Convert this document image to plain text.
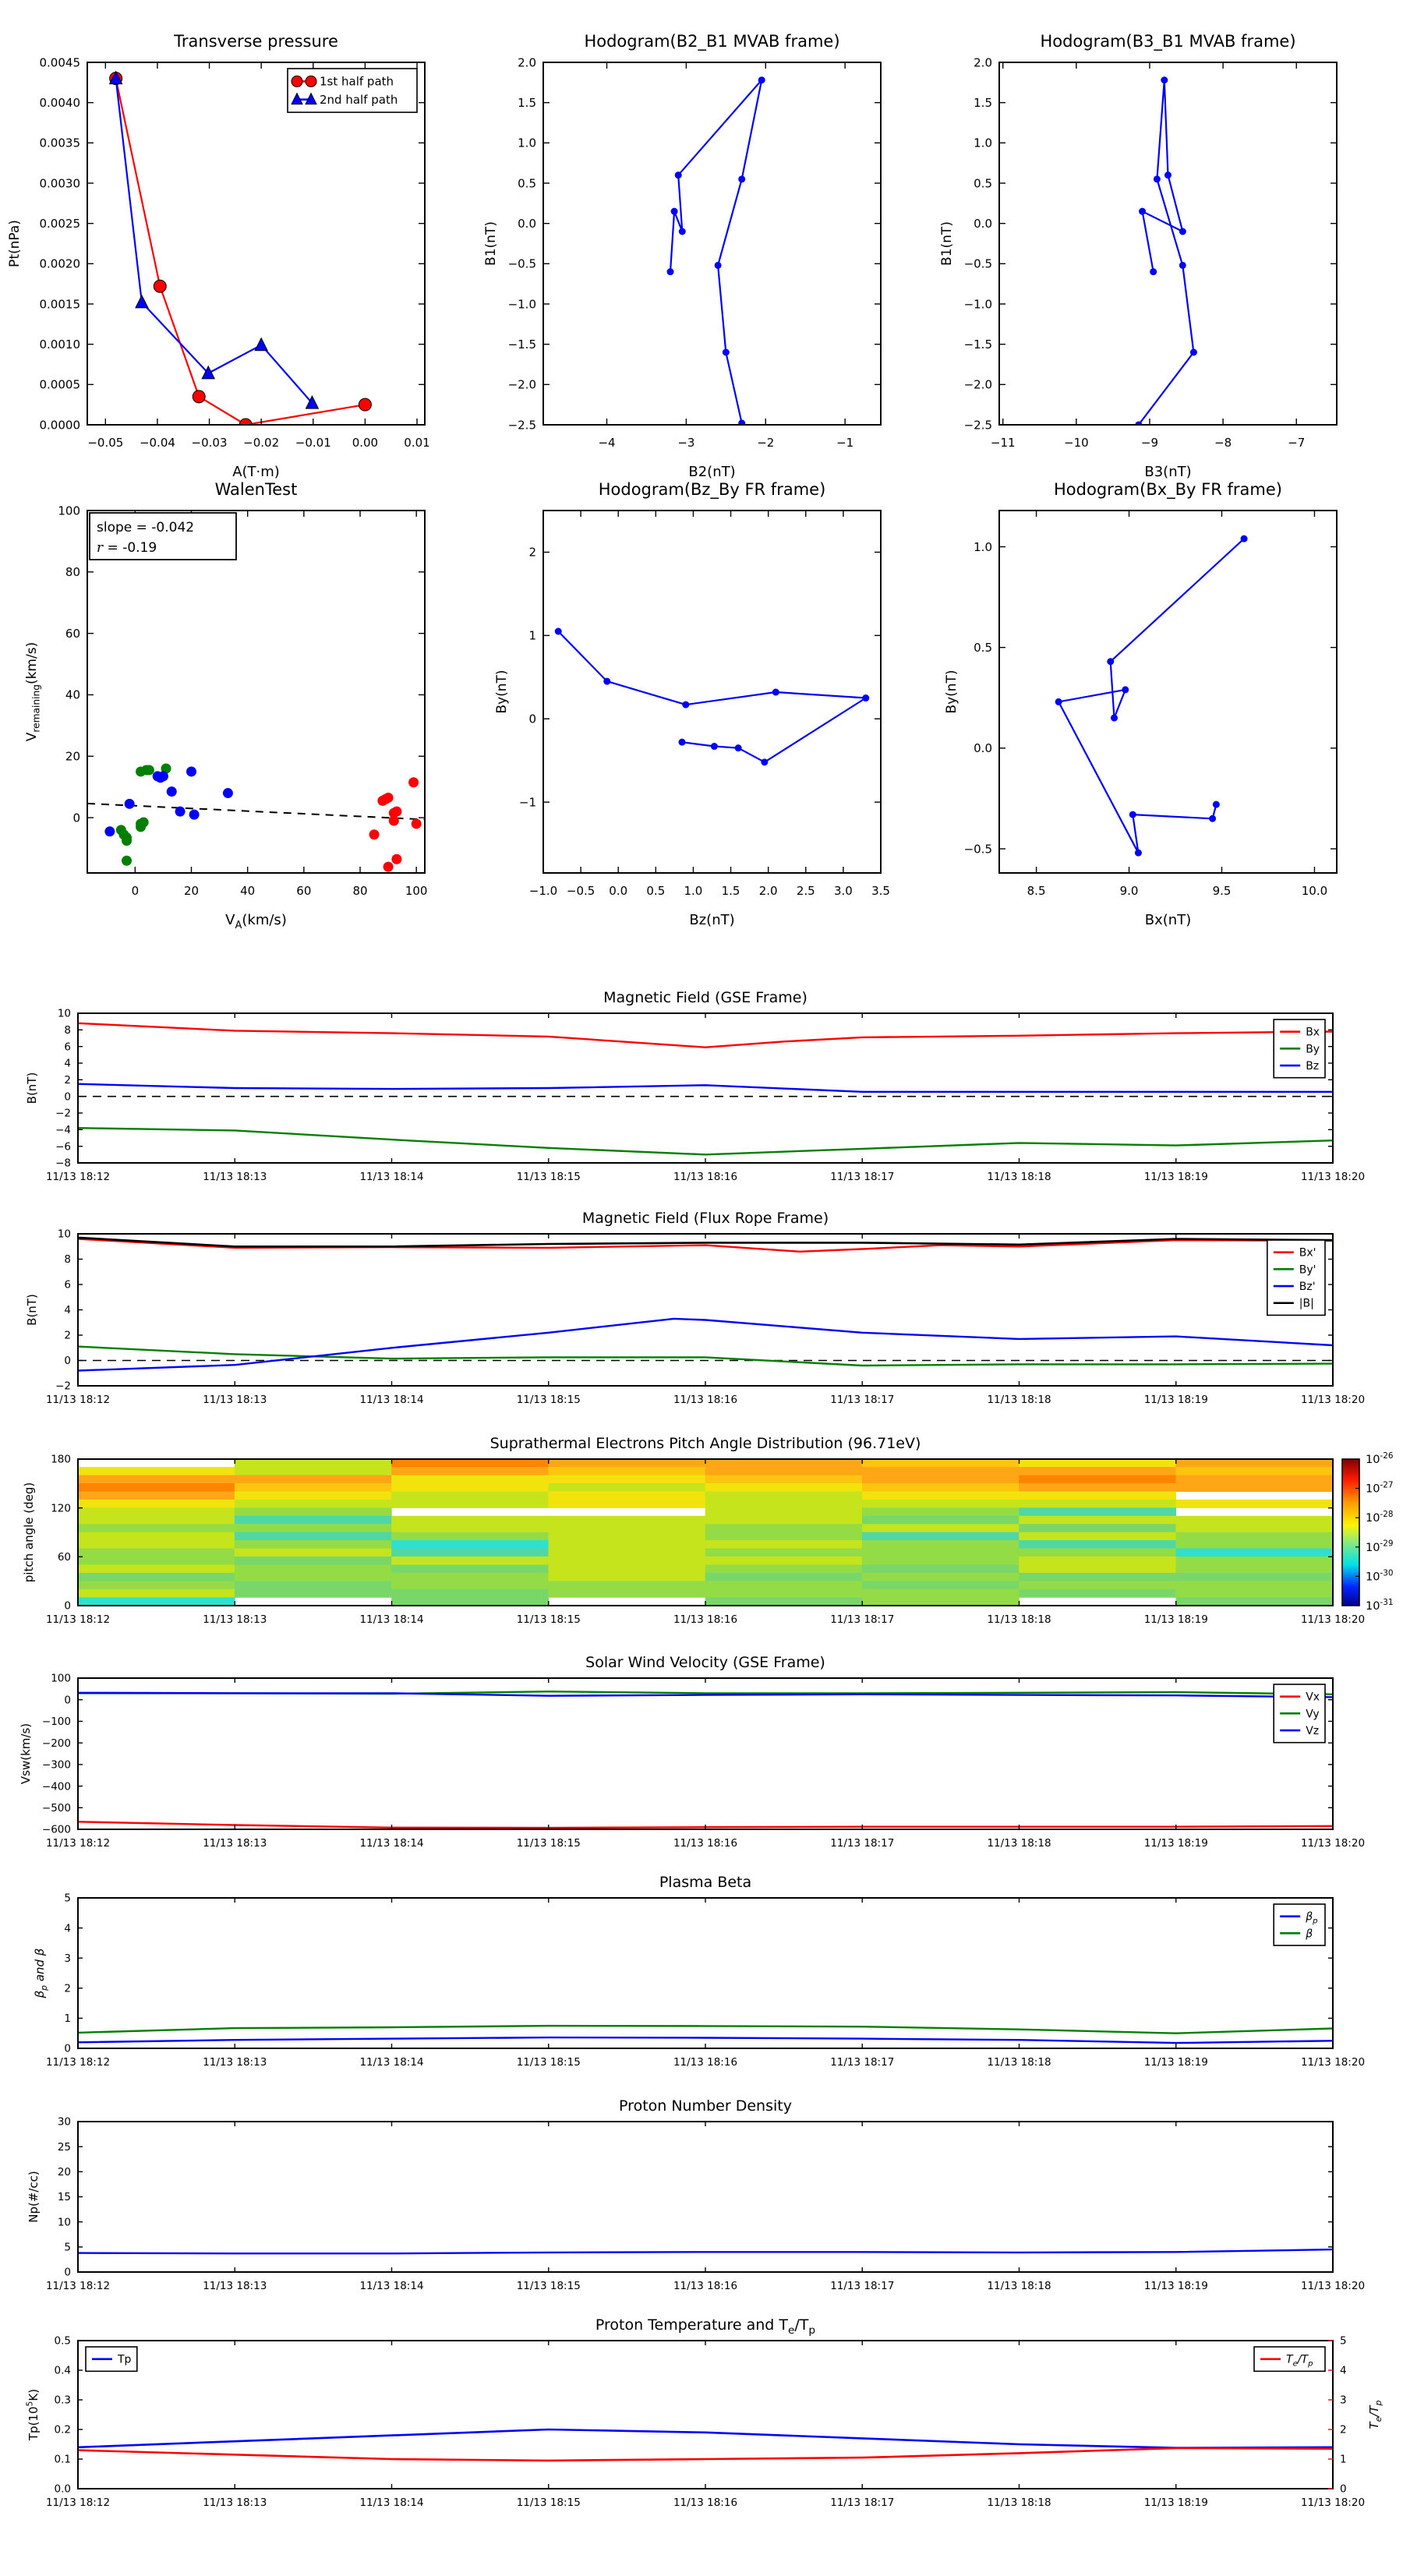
−0.05 −0.04 −0.03 −0.02 −0.01 0.00 0.01
0.0000
0.0005
0.0010
0.0015
0.0020
0.0025
0.0030
0.0035
0.0040
0.0045
Transverse pressure
A(T·m)
Pt(nPa)
1st half path
2nd half path
−4	−3	−2	−1
−2.5
−2.0
−1.5
−1.0
−0.5
0.0
0.5
1.0
1.5
2.0
Hodogram(B2_B1 MVAB frame)
B2(nT)
B1(nT)
−11	−10	−9	−8	−7
−2.5
−2.0
−1.5
−1.0
−0.5
0.0
0.5
1.0
1.5
2.0
Hodogram(B3_B1 MVAB frame)
B3(nT)
B1(nT)
0	20	40	60	80	100
0
20
40
60
80
100
WalenTest
$V_A(km/s)$
$V_{remaining}(km/s)$
slope = -0.042
r = -0.19
−1.0 −0.5 0.0 0.5 1.0 1.5 2.0 2.5 3.0 3.5
−1
0
1
2
Hodogram(Bz_By FR frame)
Bz(nT)
By(nT)
8.5	9.0	9.5	10.0
−0.5
0.0
0.5
1.0
Hodogram(Bx_By FR frame)
Bx(nT)
By(nT)
11/13 18:12	11/13 18:13	11/13 18:14	11/13 18:15	11/13 18:16	11/13 18:17	11/13 18:18	11/13 18:19	11/13 18:20
−8
−6
−4
−2
0
2
4
6
8
10
Magnetic Field (GSE Frame)
B(nT)
Bx
By
Bz
11/13 18:12	11/13 18:13	11/13 18:14	11/13 18:15	11/13 18:16	11/13 18:17	11/13 18:18	11/13 18:19	11/13 18:20
−2
0
2
4
6
8
10
Magnetic Field (Flux Rope Frame)
B(nT)
Bx'
By'
Bz'
|B|
11/13 18:12	11/13 18:13	11/13 18:14	11/13 18:15	11/13 18:16	11/13 18:17	11/13 18:18	11/13 18:19	11/13 18:20
0
60
120
180
Suprathermal Electrons Pitch Angle Distribution (96.71eV)
pitch angle (deg)
$10^{-26}$
$10^{-27}$
$10^{-28}$
$10^{-29}$
$10^{-30}$
$10^{-31}$
11/13 18:12	11/13 18:13	11/13 18:14	11/13 18:15	11/13 18:16	11/13 18:17	11/13 18:18	11/13 18:19	11/13 18:20
−600
−500
−400
−300
−200
−100
0
100
Solar Wind Velocity (GSE Frame)
Vsw(km/s)
Vx
Vy
Vz
11/13 18:12	11/13 18:13	11/13 18:14	11/13 18:15	11/13 18:16	11/13 18:17	11/13 18:18	11/13 18:19	11/13 18:20
0
1
2
3
4
5
Plasma Beta
$\beta_p$ and β
$\beta_p$
β
11/13 18:12	11/13 18:13	11/13 18:14	11/13 18:15	11/13 18:16	11/13 18:17	11/13 18:18	11/13 18:19	11/13 18:20
0
5
10
15
20
25
30
Proton Number Density
Np(#/cc)
11/13 18:12	11/13 18:13	11/13 18:14	11/13 18:15	11/13 18:16	11/13 18:17	11/13 18:18	11/13 18:19	11/13 18:20
0.0
0.1
0.2
0.3
0.4
0.5
0
1
2
3
4
5
$T_e/T_p$
Proton Temperature and $T_e/T_p$
$Tp(10^5K)$
Tp	$T_e/T_p$
